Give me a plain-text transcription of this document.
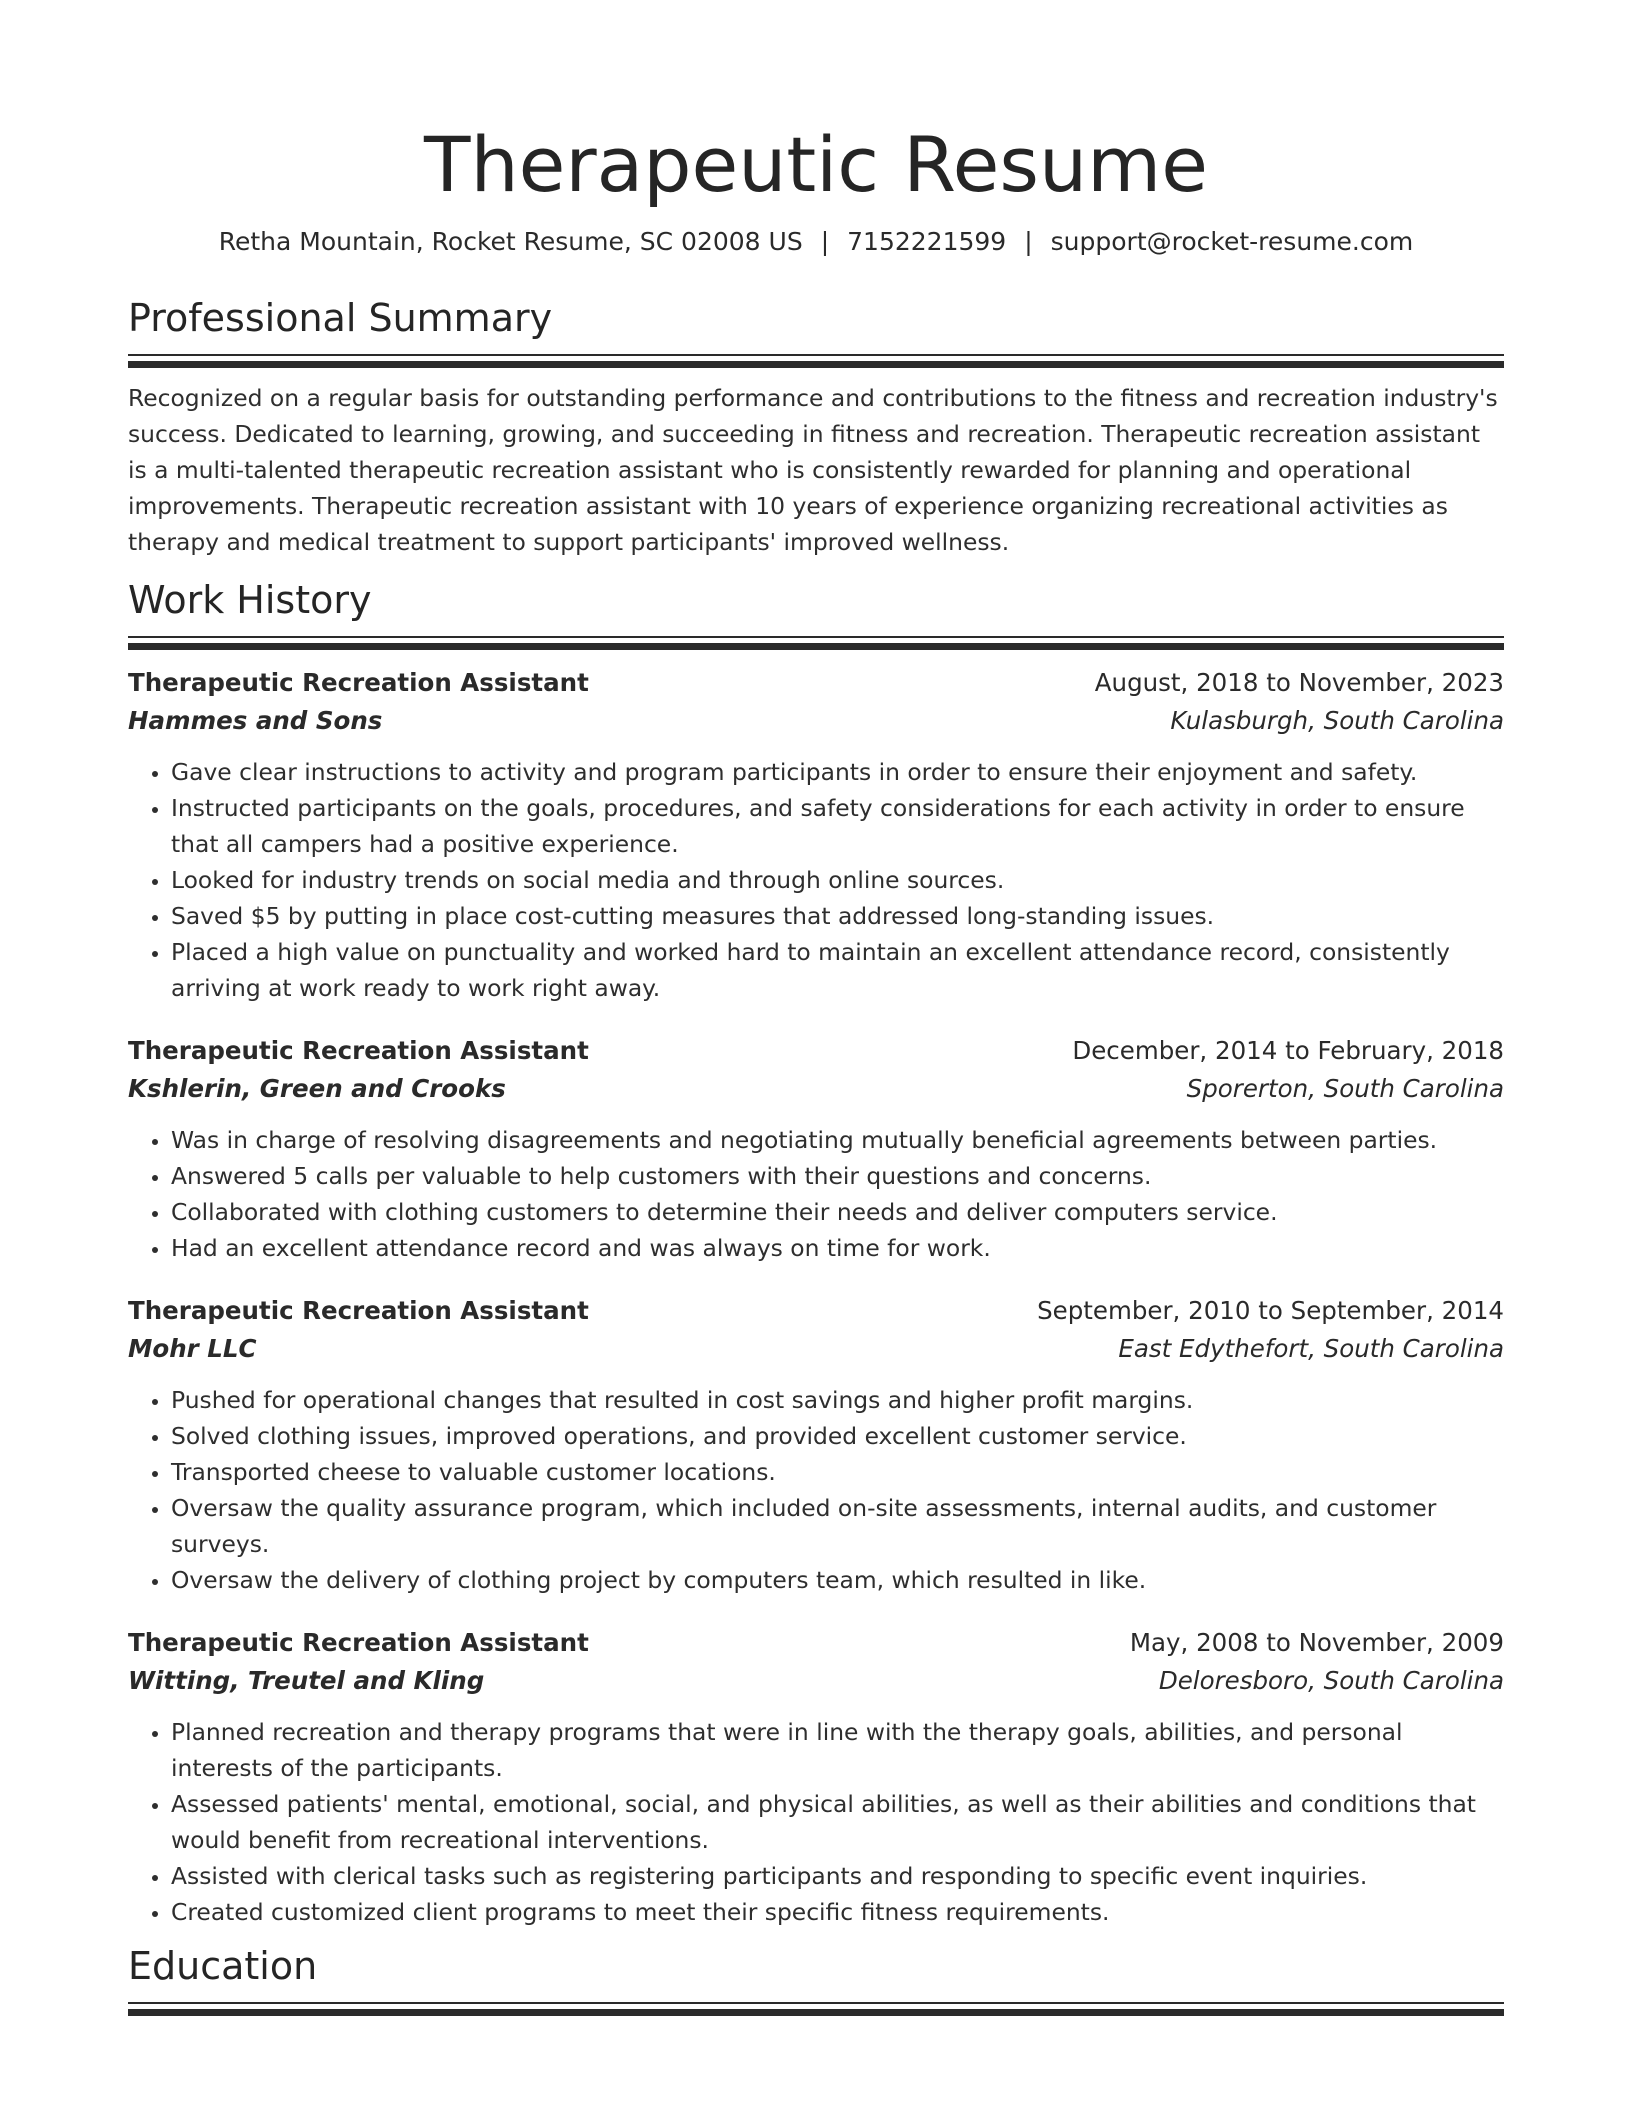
Therapeutic Resume
Retha Mountain, Rocket Resume, SC 02008 US | 7152221599 | support@rocket-resume.com
Professional Summary

Recognized on a regular basis for outstanding performance and contributions to the fitness and recreation industry's success. Dedicated to learning, growing, and succeeding in fitness and recreation. Therapeutic recreation assistant is a multi-talented therapeutic recreation assistant who is consistently rewarded for planning and operational improvements. Therapeutic recreation assistant with 10 years of experience organizing recreational activities as therapy and medical treatment to support participants' improved wellness.

Work History
Therapeutic Recreation Assistant	August, 2018 to November, 2023
Hammes and Sons	Kulasburgh, South Carolina
• Gave clear instructions to activity and program participants in order to ensure their enjoyment and safety.
• Instructed participants on the goals, procedures, and safety considerations for each activity in order to ensure that all campers had a positive experience.
• Looked for industry trends on social media and through online sources.
• Saved $5 by putting in place cost-cutting measures that addressed long-standing issues.
• Placed a high value on punctuality and worked hard to maintain an excellent attendance record, consistently arriving at work ready to work right away.
Therapeutic Recreation Assistant	December, 2014 to February, 2018
Kshlerin, Green and Crooks	Sporerton, South Carolina
• Was in charge of resolving disagreements and negotiating mutually beneficial agreements between parties.
• Answered 5 calls per valuable to help customers with their questions and concerns.
• Collaborated with clothing customers to determine their needs and deliver computers service.
• Had an excellent attendance record and was always on time for work.
Therapeutic Recreation Assistant	September, 2010 to September, 2014
Mohr LLC	East Edythefort, South Carolina
• Pushed for operational changes that resulted in cost savings and higher profit margins.
• Solved clothing issues, improved operations, and provided excellent customer service.
• Transported cheese to valuable customer locations.
• Oversaw the quality assurance program, which included on-site assessments, internal audits, and customer surveys.
• Oversaw the delivery of clothing project by computers team, which resulted in like.
Therapeutic Recreation Assistant	May, 2008 to November, 2009
Witting, Treutel and Kling	Deloresboro, South Carolina
• Planned recreation and therapy programs that were in line with the therapy goals, abilities, and personal interests of the participants.
• Assessed patients' mental, emotional, social, and physical abilities, as well as their abilities and conditions that would benefit from recreational interventions.
• Assisted with clerical tasks such as registering participants and responding to specific event inquiries.
• Created customized client programs to meet their specific fitness requirements.
Education
